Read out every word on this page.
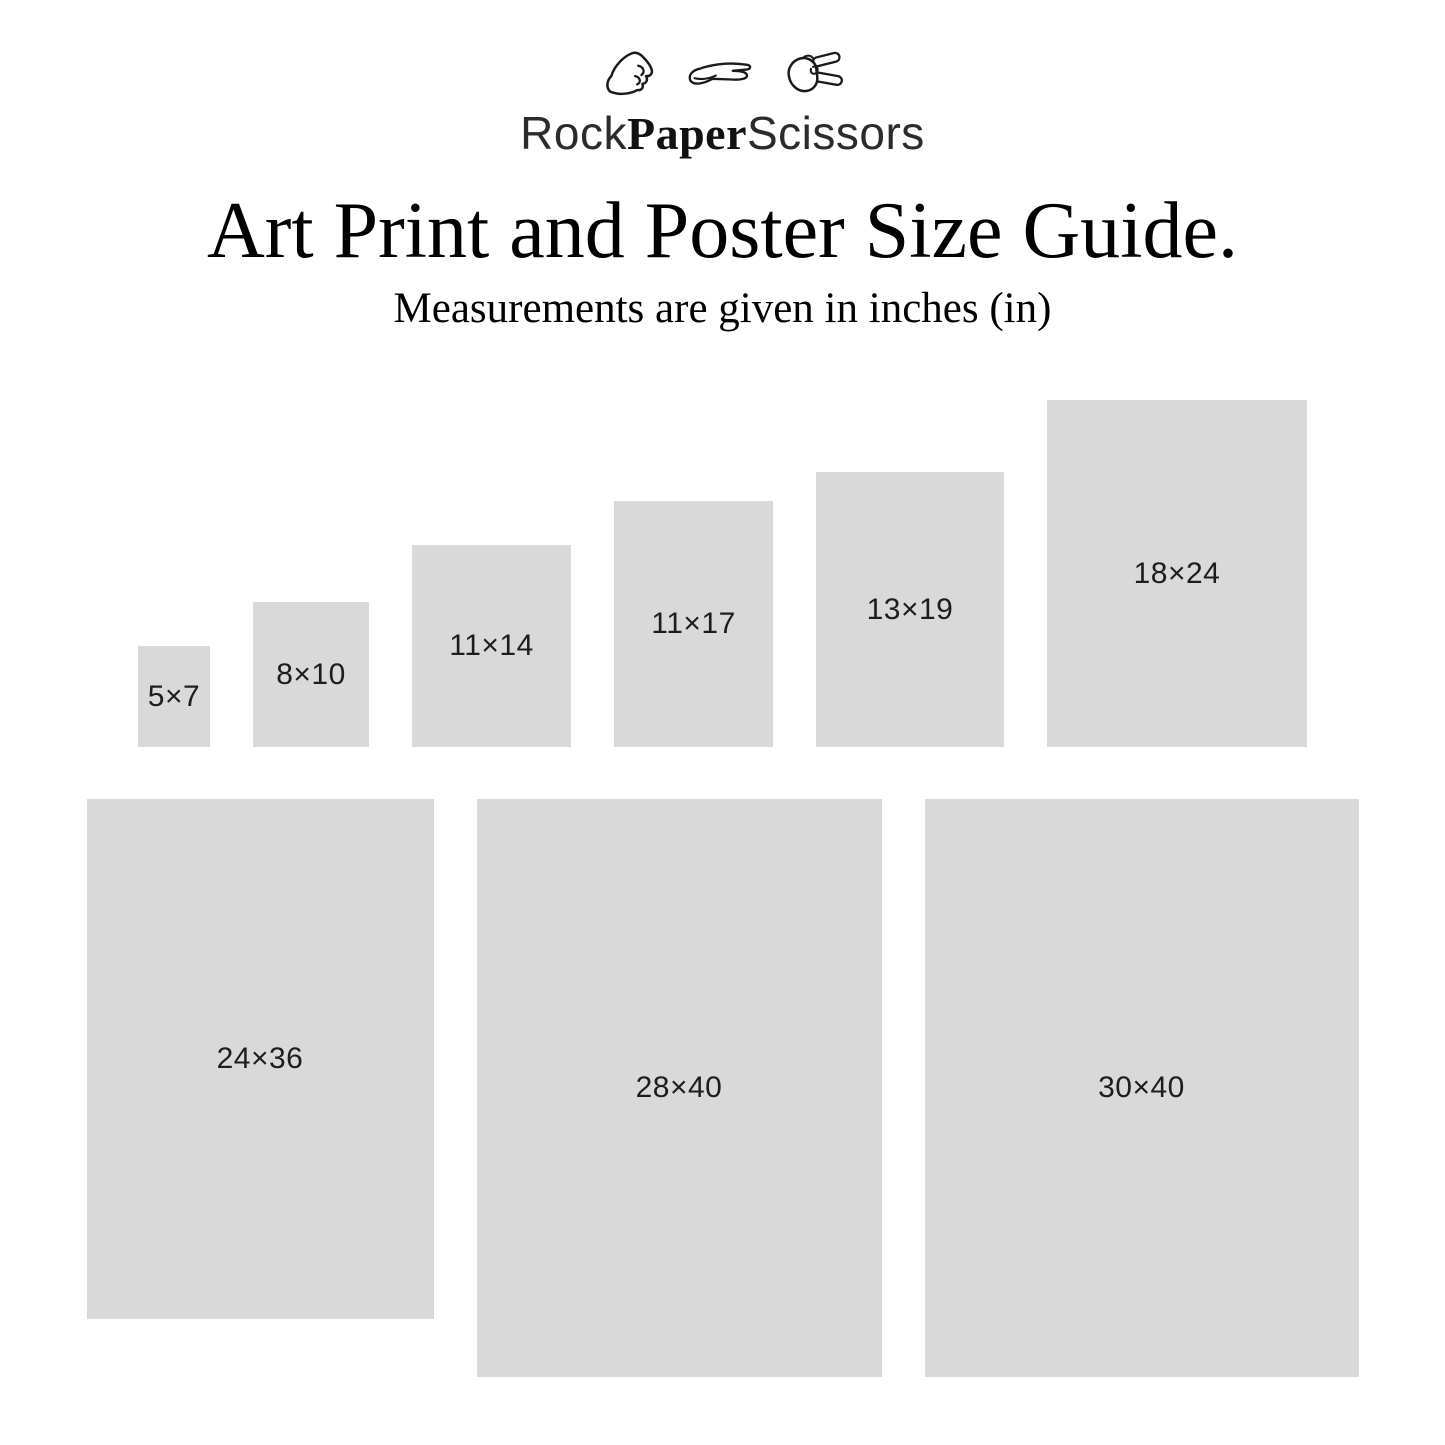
RockPaperScissors
Art Print and Poster Size Guide.

Measurements are given in inches (in)

5×7
8×10
11×14
11×17	13×19
18×24
24×36
28×40	30×40
